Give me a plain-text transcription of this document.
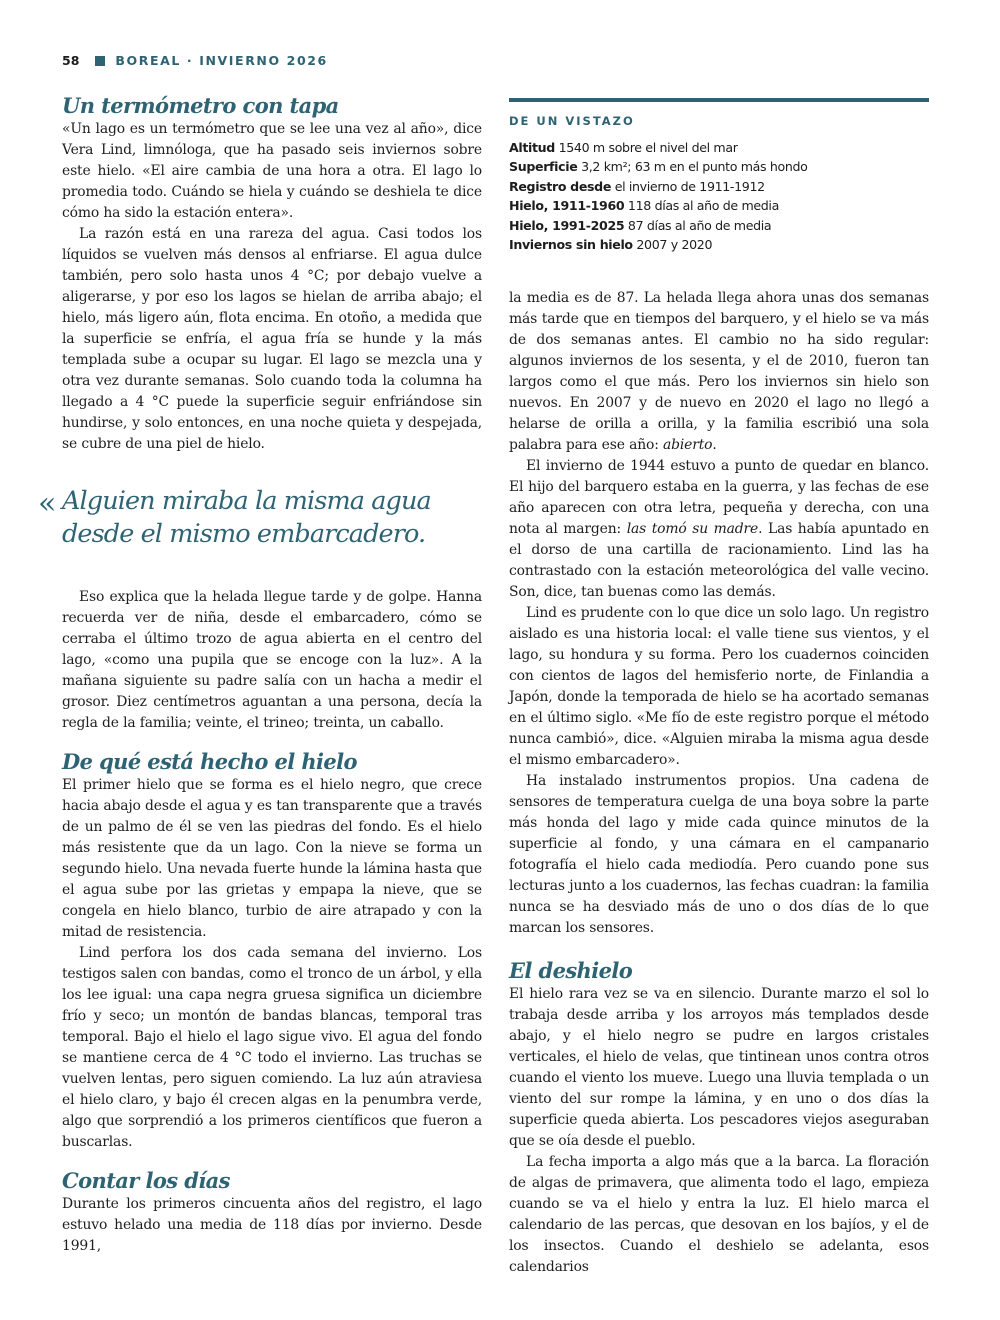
58	BOREAL · INVIERNO 2026
Un termómetro con tapa

«Un lago es un termómetro que se lee una vez al año», dice Vera Lind, limnóloga, que ha pasado seis inviernos sobre este hielo. «El aire cambia de una hora a otra. El lago lo promedia todo. Cuándo se hiela y cuándo se deshiela te dice cómo ha sido la estación entera».

La razón está en una rareza del agua. Casi todos los líquidos se vuelven más densos al enfriarse. El agua dulce también, pero solo hasta unos 4 °C; por debajo vuelve a aligerarse, y por eso los lagos se hielan de arriba abajo; el hielo, más ligero aún, flota encima. En otoño, a medida que la superficie se enfría, el agua fría se hunde y la más templada sube a ocupar su lugar. El lago se mezcla una y otra vez durante semanas. Solo cuando toda la columna ha llegado a 4 °C puede la superficie seguir enfriándose sin hundirse, y solo entonces, en una noche quieta y despejada, se cubre de una piel de hielo.

« Alguien miraba la misma agua desde el mismo embarcadero.

Eso explica que la helada llegue tarde y de golpe. Hanna recuerda ver de niña, desde el embarcadero, cómo se cerraba el último trozo de agua abierta en el centro del lago, «como una pupila que se encoge con la luz». A la mañana siguiente su padre salía con un hacha a medir el grosor. Diez centímetros aguantan a una persona, decía la regla de la familia; veinte, el trineo; treinta, un caballo.

De qué está hecho el hielo

El primer hielo que se forma es el hielo negro, que crece hacia abajo desde el agua y es tan transparente que a través de un palmo de él se ven las piedras del fondo. Es el hielo más resistente que da un lago. Con la nieve se forma un segundo hielo. Una nevada fuerte hunde la lámina hasta que el agua sube por las grietas y empapa la nieve, que se congela en hielo blanco, turbio de aire atrapado y con la mitad de resistencia.

Lind perfora los dos cada semana del invierno. Los testigos salen con bandas, como el tronco de un árbol, y ella los lee igual: una capa negra gruesa significa un diciembre frío y seco; un montón de bandas blancas, temporal tras temporal. Bajo el hielo el lago sigue vivo. El agua del fondo se mantiene cerca de 4 °C todo el invierno. Las truchas se vuelven lentas, pero siguen comiendo. La luz aún atraviesa el hielo claro, y bajo él crecen algas en la penumbra verde, algo que sorprendió a los primeros científicos que fueron a buscarlas.

Contar los días

Durante los primeros cincuenta años del registro, el lago estuvo helado una media de 118 días por invierno. Desde 1991,

DE UN VISTAZO
Altitud 1540 m sobre el nivel del mar
Superficie 3,2 km²; 63 m en el punto más hondo
Registro desde el invierno de 1911-1912
Hielo, 1911-1960 118 días al año de media
Hielo, 1991-2025 87 días al año de media
Inviernos sin hielo 2007 y 2020

la media es de 87. La helada llega ahora unas dos semanas más tarde que en tiempos del barquero, y el hielo se va más de dos semanas antes. El cambio no ha sido regular: algunos inviernos de los sesenta, y el de 2010, fueron tan largos como el que más. Pero los inviernos sin hielo son nuevos. En 2007 y de nuevo en 2020 el lago no llegó a helarse de orilla a orilla, y la familia escribió una sola palabra para ese año: abierto.

El invierno de 1944 estuvo a punto de quedar en blanco. El hijo del barquero estaba en la guerra, y las fechas de ese año aparecen con otra letra, pequeña y derecha, con una nota al margen: las tomó su madre. Las había apuntado en el dorso de una cartilla de racionamiento. Lind las ha contrastado con la estación meteorológica del valle vecino. Son, dice, tan buenas como las demás.

Lind es prudente con lo que dice un solo lago. Un registro aislado es una historia local: el valle tiene sus vientos, y el lago, su hondura y su forma. Pero los cuadernos coinciden con cientos de lagos del hemisferio norte, de Finlandia a Japón, donde la temporada de hielo se ha acortado semanas en el último siglo. «Me fío de este registro porque el método nunca cambió», dice. «Alguien miraba la misma agua desde el mismo embarcadero».

Ha instalado instrumentos propios. Una cadena de sensores de temperatura cuelga de una boya sobre la parte más honda del lago y mide cada quince minutos de la superficie al fondo, y una cámara en el campanario fotografía el hielo cada mediodía. Pero cuando pone sus lecturas junto a los cuadernos, las fechas cuadran: la familia nunca se ha desviado más de uno o dos días de lo que marcan los sensores.

El deshielo

El hielo rara vez se va en silencio. Durante marzo el sol lo trabaja desde arriba y los arroyos más templados desde abajo, y el hielo negro se pudre en largos cristales verticales, el hielo de velas, que tintinean unos contra otros cuando el viento los mueve. Luego una lluvia templada o un viento del sur rompe la lámina, y en uno o dos días la superficie queda abierta. Los pescadores viejos aseguraban que se oía desde el pueblo.

La fecha importa a algo más que a la barca. La floración de algas de primavera, que alimenta todo el lago, empieza cuando se va el hielo y entra la luz. El hielo marca el calendario de las percas, que desovan en los bajíos, y el de los insectos. Cuando el deshielo se adelanta, esos calendarios
